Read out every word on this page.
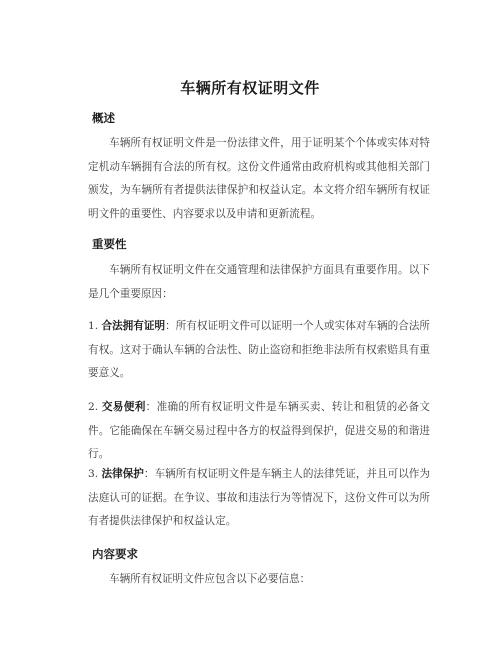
车辆所有权证明文件
概述

车辆所有权证明文件是一份法律文件，用于证明某个个体或实体对特定机动车辆拥有合法的所有权。这份文件通常由政府机构或其他相关部门颁发，为车辆所有者提供法律保护和权益认定。本文将介绍车辆所有权证明文件的重要性、内容要求以及申请和更新流程。

重要性

车辆所有权证明文件在交通管理和法律保护方面具有重要作用。以下是几个重要原因：

1. 合法拥有证明：所有权证明文件可以证明一个人或实体对车辆的合法所有权。这对于确认车辆的合法性、防止盗窃和拒绝非法所有权索赔具有重要意义。

2. 交易便利：准确的所有权证明文件是车辆买卖、转让和租赁的必备文件。它能确保在车辆交易过程中各方的权益得到保护，促进交易的和谐进行。

3. 法律保护：车辆所有权证明文件是车辆主人的法律凭证，并且可以作为法庭认可的证据。在争议、事故和违法行为等情况下，这份文件可以为所有者提供法律保护和权益认定。

内容要求

车辆所有权证明文件应包含以下必要信息：
